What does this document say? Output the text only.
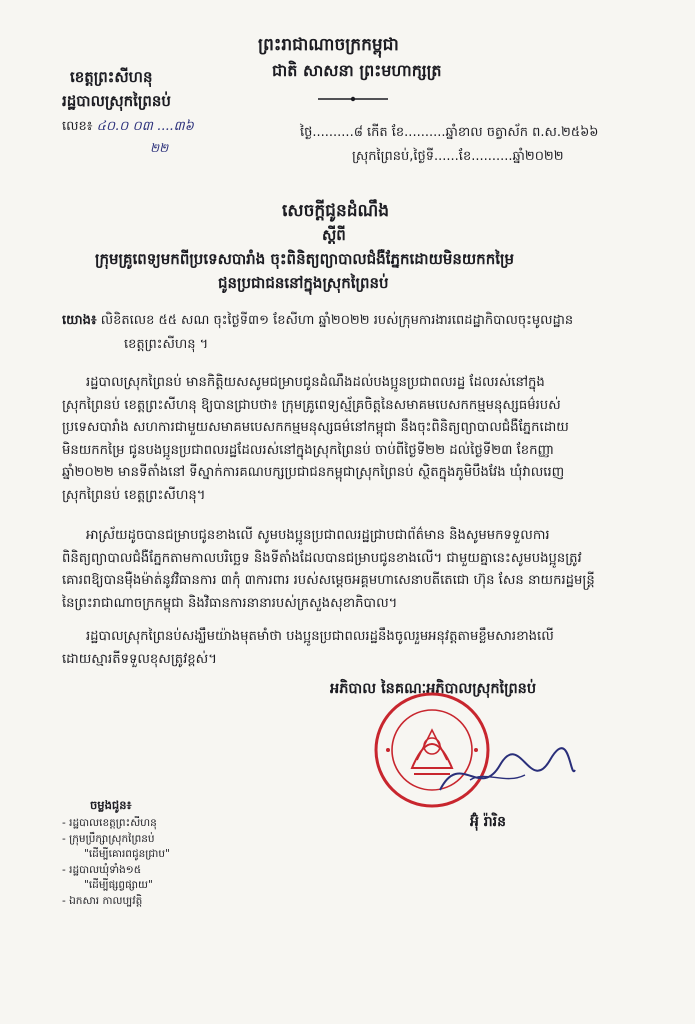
ព្រះរាជាណាចក្រកម្ពុជា
ជាតិ សាសនា ព្រះមហាក្សត្រ
ខេត្តព្រះសីហនុ
រដ្ឋបាលស្រុកព្រៃនប់
លេខ៖ ៤០.០ ០៣ ....៣៦
២២
ថ្ងៃ..........៨ កើត ខែ..........ឆ្នាំខាល ចត្វាស័ក ព.ស.២៥៦៦
ស្រុកព្រៃនប់,ថ្ងៃទី......ខែ..........ឆ្នាំ២០២២
សេចក្តីជូនដំណឹង
ស្តីពី
ក្រុមគ្រូពេទ្យមកពីប្រទេសបារាំង ចុះពិនិត្យព្យាបាលជំងឺភ្នែកដោយមិនយកកម្រៃ
ជូនប្រជាជននៅក្នុងស្រុកព្រៃនប់
យោង៖ លិខិតលេខ ៥៥ សណ ចុះថ្ងៃទី៣១ ខែសីហា ឆ្នាំ២០២២ របស់ក្រុមការងារពេដដ្ឋាកិបាលចុះមូលដ្ឋាន
ខេត្តព្រះសីហនុ ។
រដ្ឋបាលស្រុកព្រៃនប់ មានកិត្តិយសសូមជម្រាបជូនដំណឹងដល់បងប្អូនប្រជាពលរដ្ឋ ដែលរស់នៅក្នុង
ស្រុកព្រៃនប់ ខេត្តព្រះសីហនុ ឱ្យបានជ្រាបថា៖ ក្រុមគ្រូពេទ្យស្ម័គ្រចិត្តនៃសមាគមបេសកកម្មមនុស្សធម៌របស់
ប្រទេសបារាំង សហការជាមួយសមាគមបេសកកម្មមនុស្សធម៌នៅកម្ពុជា នឹងចុះពិនិត្យព្យាបាលជំងឺភ្នែកដោយ
មិនយកកម្រៃ ជូនបងប្អូនប្រជាពលរដ្ឋដែលរស់នៅក្នុងស្រុកព្រៃនប់ ចាប់ពីថ្ងៃទី២២ ដល់ថ្ងៃទី២៣ ខែកញ្ញា
ឆ្នាំ២០២២ មានទីតាំងនៅ ទីស្នាក់ការគណបក្សប្រជាជនកម្ពុជាស្រុកព្រៃនប់ ស្ថិតក្នុងភូមិបឹងវែង ឃុំវាលរេញ
ស្រុកព្រៃនប់ ខេត្តព្រះសីហនុ។
អាស្រ័យដូចបានជម្រាបជូនខាងលើ សូមបងប្អូនប្រជាពលរដ្ឋជ្រាបជាព័ត៌មាន និងសូមមកទទួលការ
ពិនិត្យព្យាបាលជំងឺភ្នែកតាមកាលបរិច្ឆេទ និងទីតាំងដែលបានជម្រាបជូនខាងលើ។ ជាមួយគ្នានេះសូមបងប្អូនត្រូវ
គោរពឱ្យបានម៉ឺងម៉ាត់នូវវិធានការ ៣កុំ ៣ការពារ របស់សម្តេចអគ្គមហាសេនាបតីតេជោ ហ៊ុន សែន នាយករដ្ឋមន្ត្រី
នៃព្រះរាជាណាចក្រកម្ពុជា និងវិធានការនានារបស់ក្រសួងសុខាភិបាល។
រដ្ឋបាលស្រុកព្រៃនប់សង្ឃឹមយ៉ាងមុតមាំថា បងប្អូនប្រជាពលរដ្ឋនឹងចូលរួមអនុវត្តតាមខ្លឹមសារខាងលើ
ដោយស្មារតីទទួលខុសត្រូវខ្ពស់។
អភិបាល នៃគណៈអភិបាលស្រុកព្រៃនប់
អ៊ុំ រ៉ារិន
ចម្លងជូន៖
- រដ្ឋបាលខេត្តព្រះសីហនុ
- ក្រុមប្រឹក្សាស្រុកព្រៃនប់
"ដើម្បីគោរពជូនជ្រាប"
- រដ្ឋបាលឃុំទាំង១៥
"ដើម្បីផ្សព្វផ្សាយ"
- ឯកសារ កាលប្បវត្តិ
